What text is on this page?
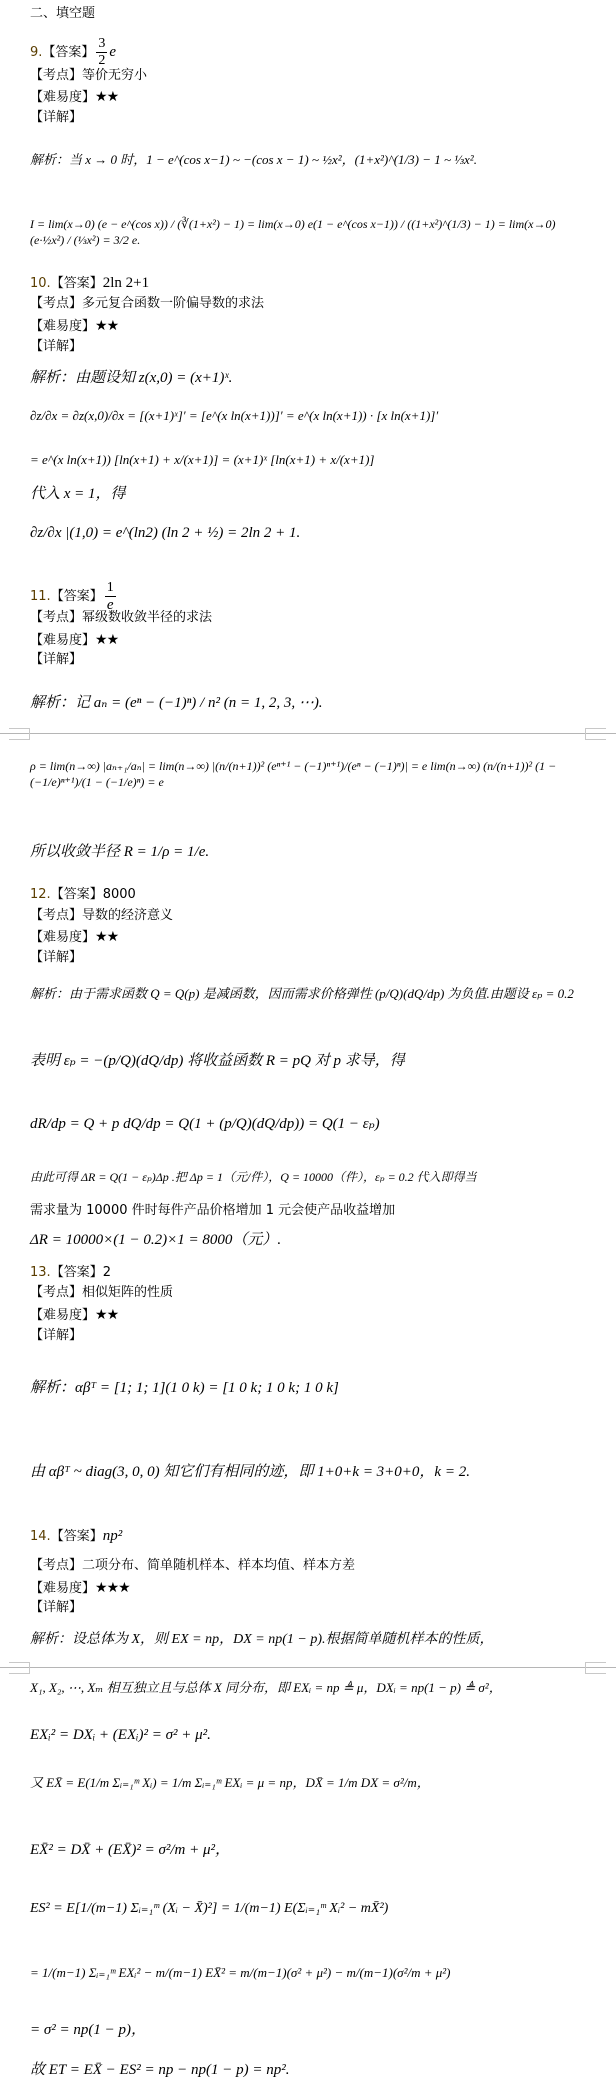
二、填空题
9.【答案】 $\frac{3}{2}$ e
【考点】等价无穷小
【难易度】★★
【详解】
解析：当 x → 0 时，1 − e^(cos x−1) ~ −(cos x − 1) ~ ½x²，(1+x²)^(1/3) − 1 ~ ⅓x².
I = lim(x→0) (e − e^(cos x)) / (∛(1+x²) − 1) = lim(x→0) e(1 − e^(cos x−1)) / ((1+x²)^(1/3) − 1) = lim(x→0) (e·½x²) / (⅓x²) = 3/2 e.
10.【答案】2ln 2+1
【考点】多元复合函数一阶偏导数的求法
【难易度】★★
【详解】
解析：由题设知 z(x,0) = (x+1)ˣ.
∂z/∂x = ∂z(x,0)/∂x = [(x+1)ˣ]′ = [e^(x ln(x+1))]′ = e^(x ln(x+1)) · [x ln(x+1)]′
= e^(x ln(x+1)) [ln(x+1) + x/(x+1)] = (x+1)ˣ [ln(x+1) + x/(x+1)]
代入 x = 1，得
∂z/∂x |(1,0) = e^(ln2) (ln 2 + ½) = 2ln 2 + 1.
11.【答案】 $\frac{1}{e}$
【考点】幂级数收敛半径的求法
【难易度】★★
【详解】
解析：记 aₙ = (eⁿ − (−1)ⁿ) / n² (n = 1, 2, 3, ⋯).
ρ = lim(n→∞) |aₙ₊₁/aₙ| = lim(n→∞) |(n/(n+1))² (eⁿ⁺¹ − (−1)ⁿ⁺¹)/(eⁿ − (−1)ⁿ)| = e lim(n→∞) (n/(n+1))² (1 − (−1/e)ⁿ⁺¹)/(1 − (−1/e)ⁿ) = e
所以收敛半径 R = 1/ρ = 1/e.
12.【答案】8000
【考点】导数的经济意义
【难易度】★★
【详解】
解析：由于需求函数 Q = Q(p) 是减函数，因而需求价格弹性 (p/Q)(dQ/dp) 为负值.由题设 εₚ = 0.2
表明 εₚ = −(p/Q)(dQ/dp) 将收益函数 R = pQ 对 p 求导，得
dR/dp = Q + p dQ/dp = Q(1 + (p/Q)(dQ/dp)) = Q(1 − εₚ)
由此可得 ΔR = Q(1 − εₚ)Δp .把 Δp = 1（元/件），Q = 10000（件），εₚ = 0.2 代入即得当
需求量为 10000 件时每件产品价格增加 1 元会使产品收益增加
ΔR = 10000×(1 − 0.2)×1 = 8000（元）.
13.【答案】2
【考点】相似矩阵的性质
【难易度】★★
【详解】
解析：αβᵀ = [1; 1; 1](1 0 k) = [1 0 k; 1 0 k; 1 0 k]
由 αβᵀ ~ diag(3, 0, 0) 知它们有相同的迹，即 1+0+k = 3+0+0，k = 2.
14.【答案】np²
【考点】二项分布、简单随机样本、样本均值、样本方差
【难易度】★★★
【详解】
解析：设总体为 X，则 EX = np，DX = np(1 − p).根据简单随机样本的性质，
X₁, X₂, ⋯, Xₘ 相互独立且与总体 X 同分布，即 EXᵢ = np ≜ μ，DXᵢ = np(1 − p) ≜ σ²，
EXᵢ² = DXᵢ + (EXᵢ)² = σ² + μ².
又 EX̄ = E(1/m Σᵢ₌₁ᵐ Xᵢ) = 1/m Σᵢ₌₁ᵐ EXᵢ = μ = np，DX̄ = 1/m DX = σ²/m，
EX̄² = DX̄ + (EX̄)² = σ²/m + μ²，
ES² = E[1/(m−1) Σᵢ₌₁ᵐ (Xᵢ − X̄)²] = 1/(m−1) E(Σᵢ₌₁ᵐ Xᵢ² − mX̄²)
= 1/(m−1) Σᵢ₌₁ᵐ EXᵢ² − m/(m−1) EX̄² = m/(m−1)(σ² + μ²) − m/(m−1)(σ²/m + μ²)
= σ² = np(1 − p)，
故 ET = EX̄ − ES² = np − np(1 − p) = np².
